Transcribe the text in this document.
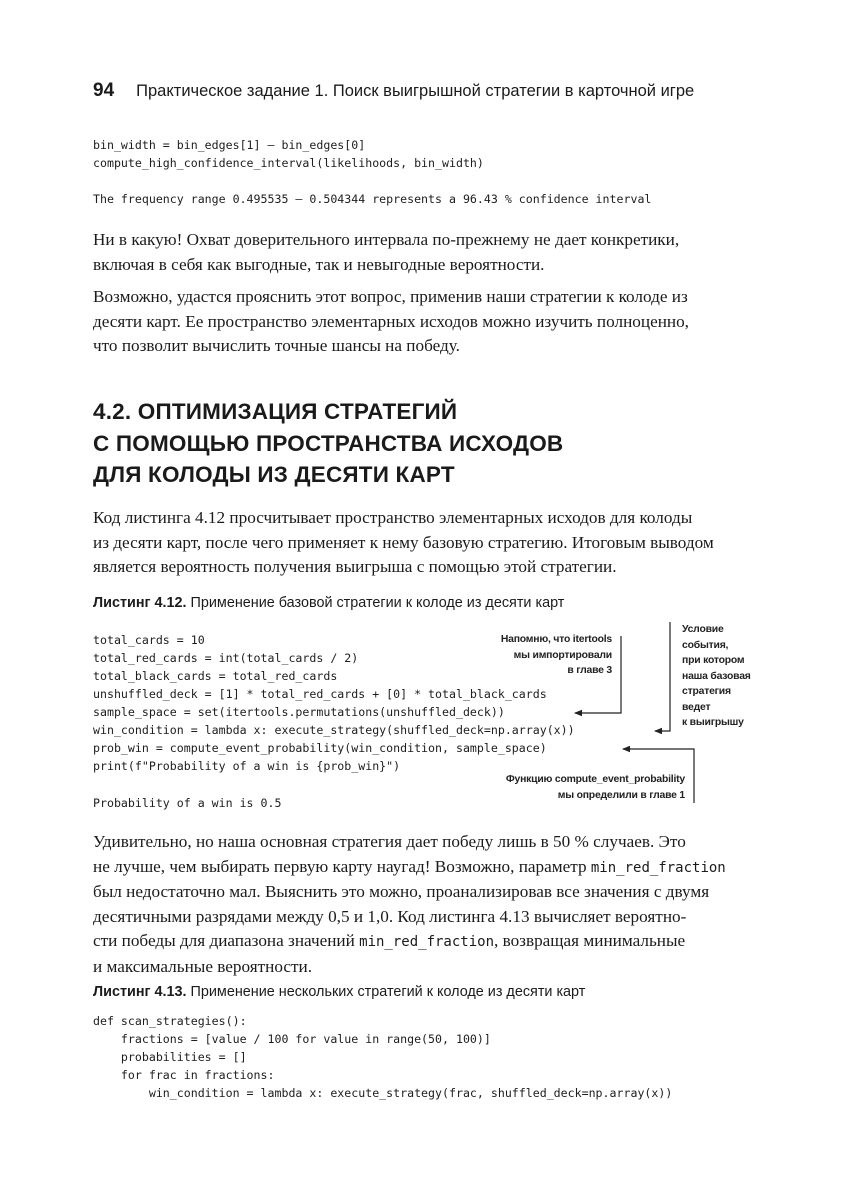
94 Практическое задание 1. Поиск выигрышной стратегии в карточной игре

bin_width = bin_edges[1] – bin_edges[0]

compute_high_confidence_interval(likelihoods, bin_width)

The frequency range 0.495535 – 0.504344 represents a 96.43 % confidence interval

Ни в какую! Охват доверительного интервала по-прежнему не дает конкретики,
включая в себя как выгодные, так и невыгодные вероятности.
Возможно, удастся прояснить этот вопрос, применив наши стратегии к колоде из
десяти карт. Ее пространство элементарных исходов можно изучить полноценно,
что позволит вычислить точные шансы на победу.
4.2. ОПТИМИЗАЦИЯ СТРАТЕГИЙ
С ПОМОЩЬЮ ПРОСТРАНСТВА ИСХОДОВ
ДЛЯ КОЛОДЫ ИЗ ДЕСЯТИ КАРТ
Код листинга 4.12 просчитывает пространство элементарных исходов для колоды
из десяти карт, после чего применяет к нему базовую стратегию. Итоговым выводом
является вероятность получения выигрыша с помощью этой стратегии.
Листинг 4.12. Применение базовой стратегии к колоде из десяти карт

total_cards = 10

total_red_cards = int(total_cards / 2)

total_black_cards = total_red_cards

unshuffled_deck = [1] * total_red_cards + [0] * total_black_cards

sample_space = set(itertools.permutations(unshuffled_deck))

win_condition = lambda x: execute_strategy(shuffled_deck=np.array(x))

prob_win = compute_event_probability(win_condition, sample_space)

print(f"Probability of a win is {prob_win}")

Probability of a win is 0.5

Напомню, что itertools
мы импортировали
в главе 3
Условие
события,
при котором
наша базовая
стратегия
ведет
к выигрышу
Функцию compute_event_probability
мы определили в главе 1
Удивительно, но наша основная стратегия дает победу лишь в 50 % случаев. Это
не лучше, чем выбирать первую карту наугад! Возможно, параметр min_red_fraction
был недостаточно мал. Выяснить это можно, проанализировав все значения с двумя
десятичными разрядами между 0,5 и 1,0. Код листинга 4.13 вычисляет вероятно-
сти победы для диапазона значений min_red_fraction, возвращая минимальные
и максимальные вероятности.
Листинг 4.13. Применение нескольких стратегий к колоде из десяти карт

def scan_strategies():

fractions = [value / 100 for value in range(50, 100)]

probabilities = []

for frac in fractions:

win_condition = lambda x: execute_strategy(frac, shuffled_deck=np.array(x))
